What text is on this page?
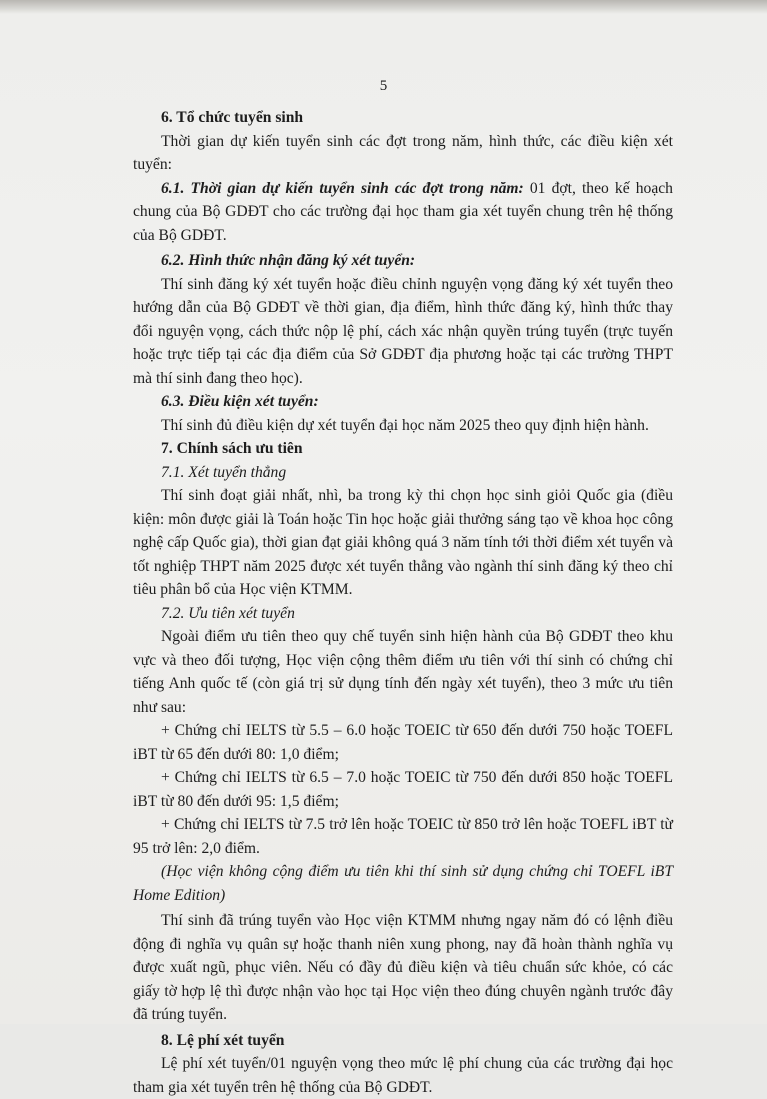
5

6. Tổ chức tuyển sinh

Thời gian dự kiến tuyển sinh các đợt trong năm, hình thức, các điều kiện xét tuyển:

6.1. Thời gian dự kiến tuyển sinh các đợt trong năm: 01 đợt, theo kế hoạch chung của Bộ GDĐT cho các trường đại học tham gia xét tuyển chung trên hệ thống của Bộ GDĐT.

6.2. Hình thức nhận đăng ký xét tuyển:

Thí sinh đăng ký xét tuyển hoặc điều chỉnh nguyện vọng đăng ký xét tuyển theo hướng dẫn của Bộ GDĐT về thời gian, địa điểm, hình thức đăng ký, hình thức thay đổi nguyện vọng, cách thức nộp lệ phí, cách xác nhận quyền trúng tuyển (trực tuyến hoặc trực tiếp tại các địa điểm của Sở GDĐT địa phương hoặc tại các trường THPT mà thí sinh đang theo học).

6.3. Điều kiện xét tuyển:

Thí sinh đủ điều kiện dự xét tuyển đại học năm 2025 theo quy định hiện hành.

7. Chính sách ưu tiên

7.1. Xét tuyển thẳng

Thí sinh đoạt giải nhất, nhì, ba trong kỳ thi chọn học sinh giỏi Quốc gia (điều kiện: môn được giải là Toán hoặc Tin học hoặc giải thưởng sáng tạo về khoa học công nghệ cấp Quốc gia), thời gian đạt giải không quá 3 năm tính tới thời điểm xét tuyển và tốt nghiệp THPT năm 2025 được xét tuyển thẳng vào ngành thí sinh đăng ký theo chỉ tiêu phân bổ của Học viện KTMM.

7.2. Ưu tiên xét tuyển

Ngoài điểm ưu tiên theo quy chế tuyển sinh hiện hành của Bộ GDĐT theo khu vực và theo đối tượng, Học viện cộng thêm điểm ưu tiên với thí sinh có chứng chỉ tiếng Anh quốc tế (còn giá trị sử dụng tính đến ngày xét tuyển), theo 3 mức ưu tiên như sau:

+ Chứng chỉ IELTS từ 5.5 – 6.0 hoặc TOEIC từ 650 đến dưới 750 hoặc TOEFL iBT từ 65 đến dưới 80: 1,0 điểm;

+ Chứng chỉ IELTS từ 6.5 – 7.0 hoặc TOEIC từ 750 đến dưới 850 hoặc TOEFL iBT từ 80 đến dưới 95: 1,5 điểm;

+ Chứng chỉ IELTS từ 7.5 trở lên hoặc TOEIC từ 850 trở lên hoặc TOEFL iBT từ 95 trở lên: 2,0 điểm.

(Học viện không cộng điểm ưu tiên khi thí sinh sử dụng chứng chỉ TOEFL iBT Home Edition)

Thí sinh đã trúng tuyển vào Học viện KTMM nhưng ngay năm đó có lệnh điều động đi nghĩa vụ quân sự hoặc thanh niên xung phong, nay đã hoàn thành nghĩa vụ được xuất ngũ, phục viên. Nếu có đầy đủ điều kiện và tiêu chuẩn sức khỏe, có các giấy tờ hợp lệ thì được nhận vào học tại Học viện theo đúng chuyên ngành trước đây đã trúng tuyển.

8. Lệ phí xét tuyển

Lệ phí xét tuyển/01 nguyện vọng theo mức lệ phí chung của các trường đại học tham gia xét tuyển trên hệ thống của Bộ GDĐT.
